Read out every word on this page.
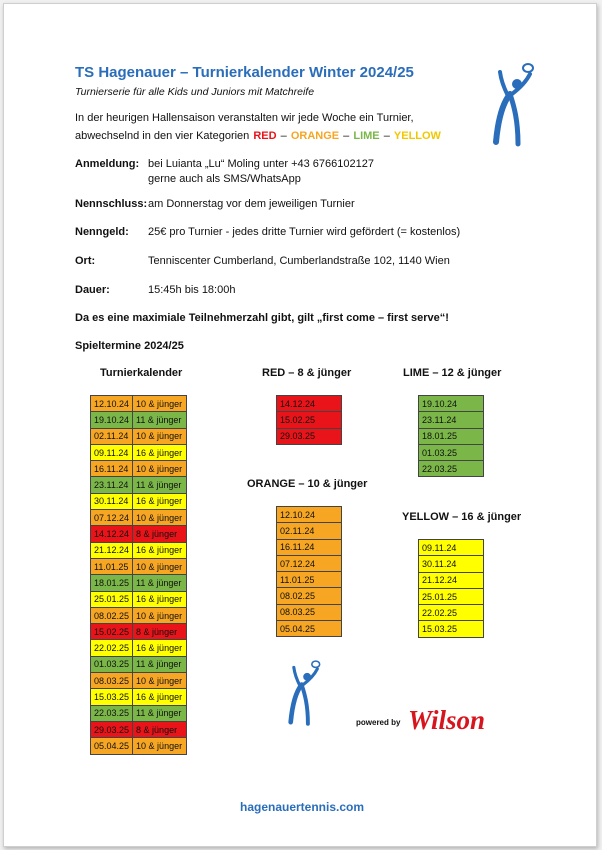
TS Hagenauer – Turnierkalender Winter 2024/25
Turnierserie für alle Kids und Juniors mit Matchreife
In der heurigen Hallensaison veranstalten wir jede Woche ein Turnier,
abwechselnd in den vier Kategorien RED – ORANGE – LIME – YELLOW
Anmeldung: bei Luianta „Lu“ Moling unter +43 6766102127
gerne auch als SMS/WhatsApp
Nennschluss: am Donnerstag vor dem jeweiligen Turnier
Nenngeld: 25€ pro Turnier - jedes dritte Turnier wird gefördert (= kostenlos)
Ort:	Tenniscenter Cumberland, Cumberlandstraße 102, 1140 Wien
Dauer:	15:45h bis 18:00h
Da es eine maximiale Teilnehmerzahl gibt, gilt „first come – first serve“!
Spieltermine 2024/25
Turnierkalender
12.10.24	10 & jünger
19.10.24	11 & jünger
02.11.24	10 & jünger
09.11.24	16 & jünger
16.11.24	10 & jünger
23.11.24	11 & jünger
30.11.24	16 & jünger
07.12.24	10 & jünger
14.12.24	8 & jünger
21.12.24	16 & jünger
11.01.25	10 & jünger
18.01.25	11 & jünger
25.01.25	16 & jünger
08.02.25	10 & jünger
15.02.25	8 & jünger
22.02.25	16 & jünger
01.03.25	11 & jünger
08.03.25	10 & jünger
15.03.25	16 & jünger
22.03.25	11 & jünger
29.03.25	8 & jünger
05.04.25	10 & jünger
RED – 8 & jünger
14.12.24
15.02.25
29.03.25
ORANGE – 10 & jünger
12.10.24
02.11.24
16.11.24
07.12.24
11.01.25
08.02.25
08.03.25
05.04.25
LIME – 12 & jünger
19.10.24
23.11.24
18.01.25
01.03.25
22.03.25
YELLOW – 16 & jünger
09.11.24
30.11.24
21.12.24
25.01.25
22.02.25
15.03.25
powered by Wilson
hagenauertennis.com
